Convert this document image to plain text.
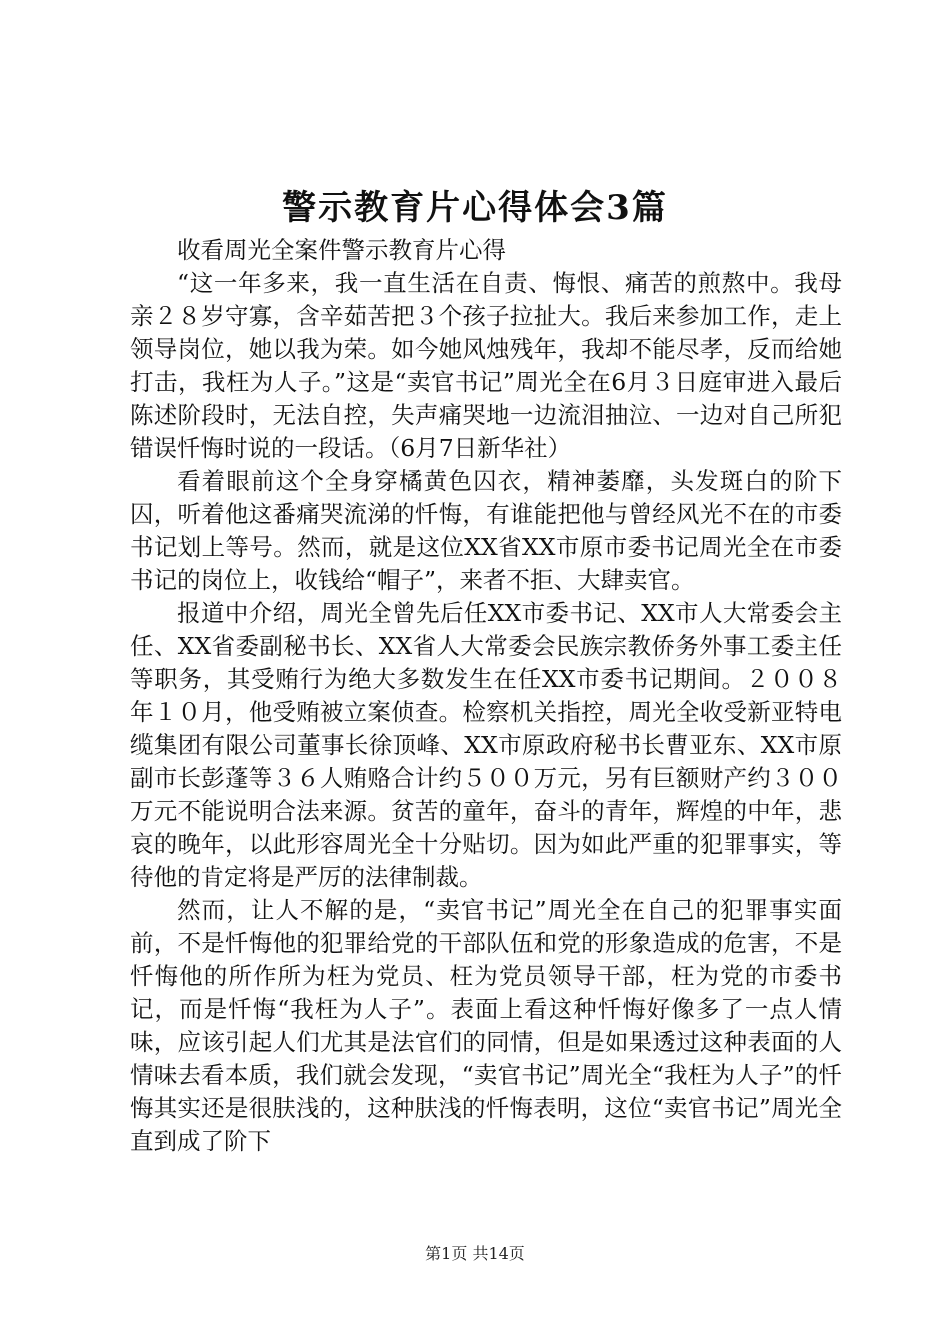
警示教育片心得体会3篇

收看周光全案件警示教育片心得

“这一年多来，我一直生活在自责、悔恨、痛苦的煎熬中。我母亲２８岁守寡，含辛茹苦把３个孩子拉扯大。我后来参加工作，走上领导岗位，她以我为荣。如今她风烛残年，我却不能尽孝，反而给她打击，我枉为人子。”这是“卖官书记”周光全在6月３日庭审进入最后陈述阶段时，无法自控，失声痛哭地一边流泪抽泣、一边对自己所犯错误忏悔时说的一段话。（6月7日新华社）

看着眼前这个全身穿橘黄色囚衣，精神萎靡，头发斑白的阶下囚，听着他这番痛哭流涕的忏悔，有谁能把他与曾经风光不在的市委书记划上等号。然而，就是这位XX省XX市原市委书记周光全在市委书记的岗位上，收钱给“帽子”，来者不拒、大肆卖官。

报道中介绍，周光全曾先后任XX市委书记、XX市人大常委会主任、XX省委副秘书长、XX省人大常委会民族宗教侨务外事工委主任等职务，其受贿行为绝大多数发生在任XX市委书记期间。２００８年１０月，他受贿被立案侦查。检察机关指控，周光全收受新亚特电缆集团有限公司董事长徐顶峰、XX市原政府秘书长曹亚东、XX市原副市长彭蓬等３６人贿赂合计约５００万元，另有巨额财产约３００万元不能说明合法来源。贫苦的童年，奋斗的青年，辉煌的中年，悲哀的晚年，以此形容周光全十分贴切。因为如此严重的犯罪事实，等待他的肯定将是严厉的法律制裁。

然而，让人不解的是，“卖官书记”周光全在自己的犯罪事实面前，不是忏悔他的犯罪给党的干部队伍和党的形象造成的危害，不是忏悔他的所作所为枉为党员、枉为党员领导干部，枉为党的市委书记，而是忏悔“我枉为人子”。表面上看这种忏悔好像多了一点人情味，应该引起人们尤其是法官们的同情，但是如果透过这种表面的人情味去看本质，我们就会发现，“卖官书记”周光全“我枉为人子”的忏悔其实还是很肤浅的，这种肤浅的忏悔表明，这位“卖官书记”周光全直到成了阶下

第1页 共14页
